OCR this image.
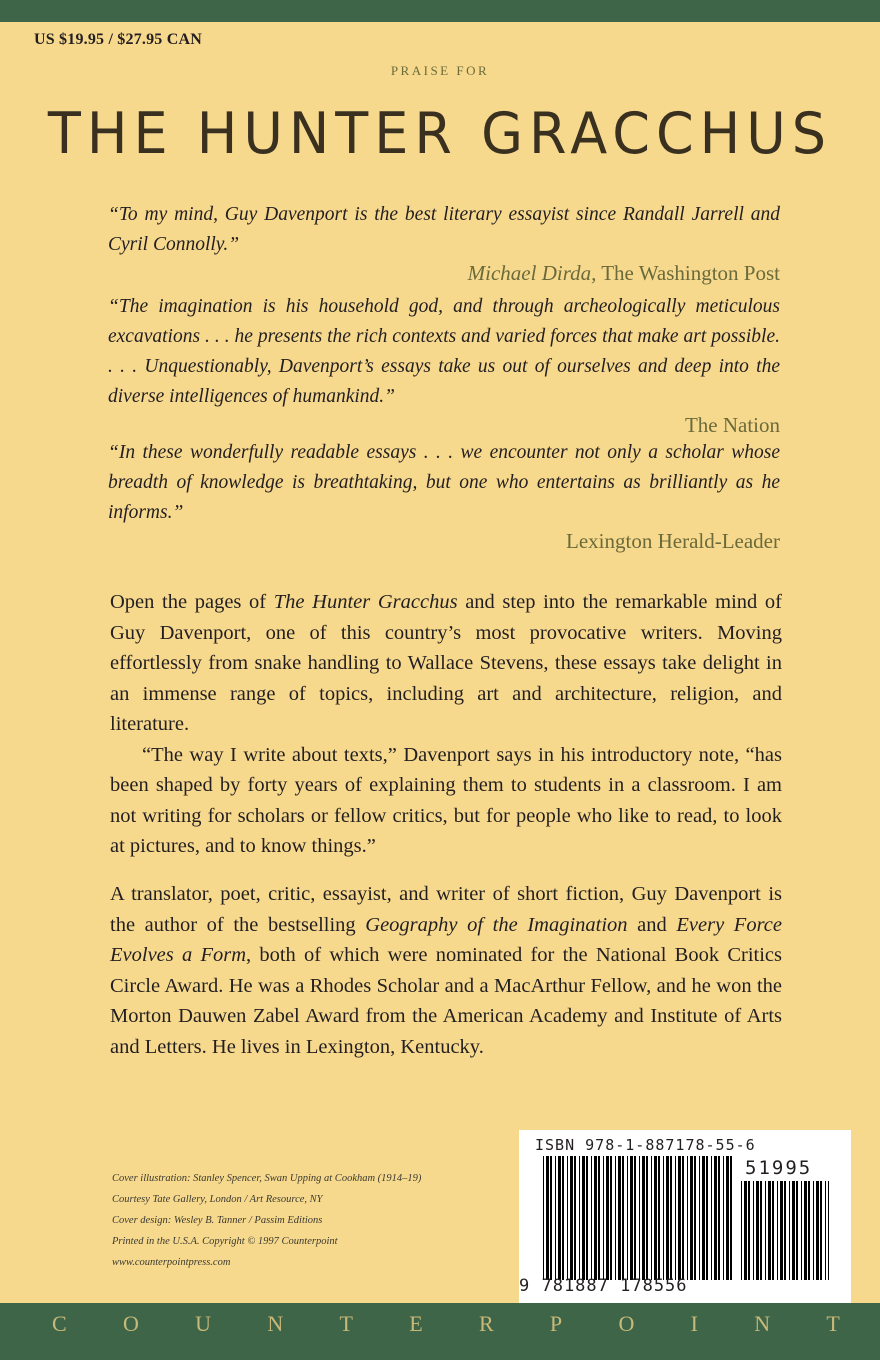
US $19.95 / $27.95 CAN
PRAISE FOR
THE HUNTER GRACCHUS
“To my mind, Guy Davenport is the best literary essayist since Randall Jarrell and Cyril Connolly.”
Michael Dirda, The Washington Post
“The imagination is his household god, and through archeologically meticulous excavations . . . he presents the rich contexts and varied forces that make art possible. . . . Unquestionably, Davenport’s essays take us out of ourselves and deep into the diverse intelligences of humankind.”
The Nation
“In these wonderfully readable essays . . . we encounter not only a scholar whose breadth of knowledge is breathtaking, but one who entertains as brilliantly as he informs.”
Lexington Herald-Leader

Open the pages of The Hunter Gracchus and step into the remarkable mind of Guy Davenport, one of this country’s most provocative writers. Moving effortlessly from snake handling to Wallace Stevens, these essays take delight in an immense range of topics, including art and architecture, religion, and literature.

“The way I write about texts,” Davenport says in his introductory note, “has been shaped by forty years of explaining them to students in a classroom. I am not writing for scholars or fellow critics, but for people who like to read, to look at pictures, and to know things.”

A translator, poet, critic, essayist, and writer of short fiction, Guy Davenport is the author of the bestselling Geography of the Imagination and Every Force Evolves a Form, both of which were nominated for the National Book Critics Circle Award. He was a Rhodes Scholar and a MacArthur Fellow, and he won the Morton Dauwen Zabel Award from the American Academy and Institute of Arts and Letters. He lives in Lexington, Kentucky.

Cover illustration: Stanley Spencer, Swan Upping at Cookham (1914–19)
Courtesy Tate Gallery, London / Art Resource, NY
Cover design: Wesley B. Tanner / Passim Editions
Printed in the U.S.A. Copyright © 1997 Counterpoint
www.counterpointpress.com
ISBN 978-1-887178-55-6
51995
9 781887 178556
C	O	U	N	T	E	R	P	O	I	N	T
